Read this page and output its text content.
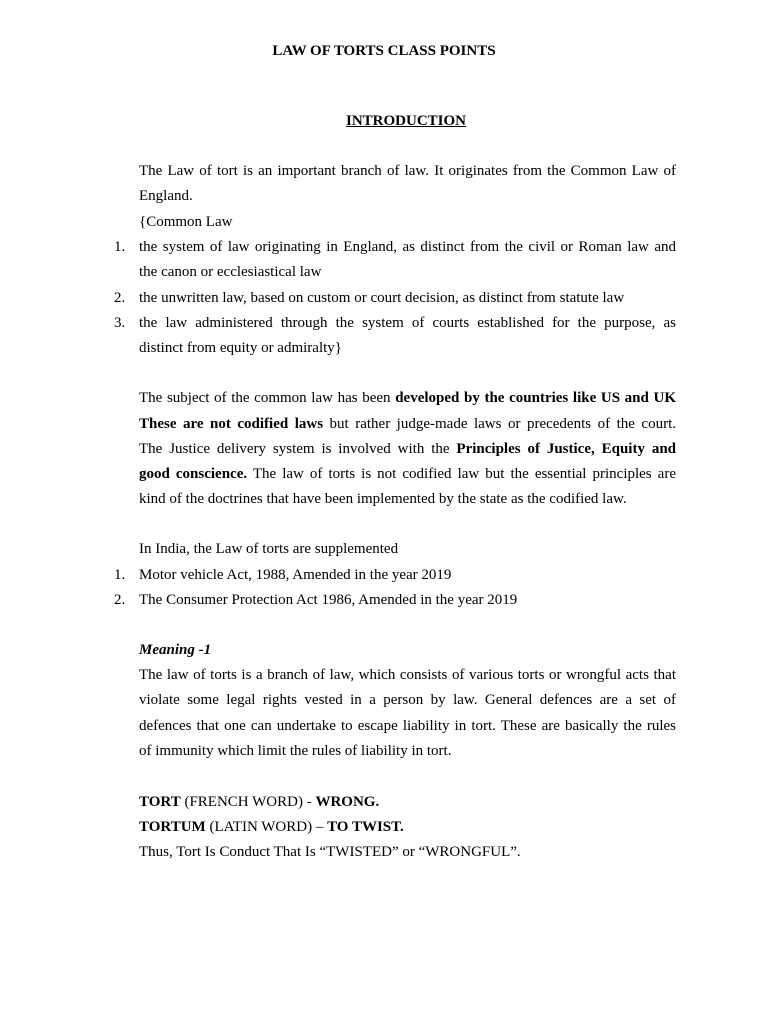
LAW OF TORTS CLASS POINTS
INTRODUCTION
The Law of tort is an important branch of law. It originates from the Common Law of
England.
{Common Law
1. the system of law originating in England, as distinct from the civil or Roman law and
the canon or ecclesiastical law
2. the unwritten law, based on custom or court decision, as distinct from statute law
3. the law administered through the system of courts established for the purpose, as
distinct from equity or admiralty}
The subject of the common law has been developed by the countries like US and UK
These are not codified laws but rather judge-made laws or precedents of the court.
The Justice delivery system is involved with the Principles of Justice, Equity and
good conscience. The law of torts is not codified law but the essential principles are
kind of the doctrines that have been implemented by the state as the codified law.
In India, the Law of torts are supplemented
1. Motor vehicle Act, 1988, Amended in the year 2019
2. The Consumer Protection Act 1986, Amended in the year 2019
Meaning -1
The law of torts is a branch of law, which consists of various torts or wrongful acts that
violate some legal rights vested in a person by law. General defences are a set of
defences that one can undertake to escape liability in tort. These are basically the rules
of immunity which limit the rules of liability in tort.
TORT (FRENCH WORD) - WRONG.
TORTUM (LATIN WORD) – TO TWIST.
Thus, Tort Is Conduct That Is “TWISTED” or “WRONGFUL”.
